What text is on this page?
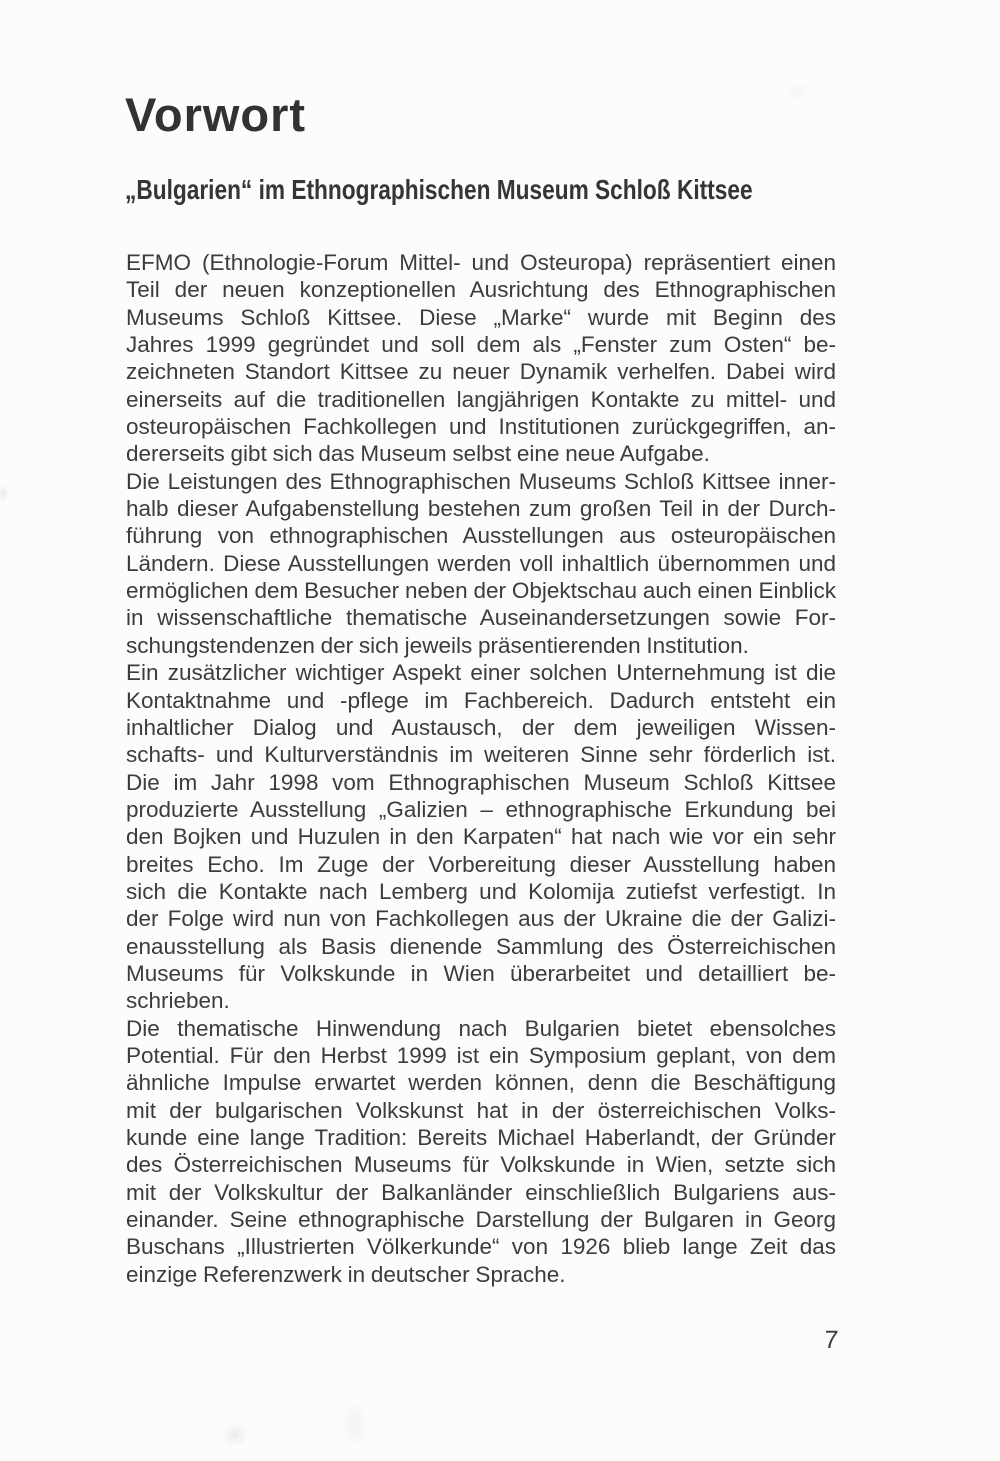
Vorwort
„Bulgarien“ im Ethnographischen Museum Schloß Kittsee
EFMO (Ethnologie-Forum Mittel- und Osteuropa) repräsentiert einen
Teil der neuen konzeptionellen Ausrichtung des Ethnographischen
Museums Schloß Kittsee. Diese „Marke“ wurde mit Beginn des
Jahres 1999 gegründet und soll dem als „Fenster zum Osten“ be-
zeichneten Standort Kittsee zu neuer Dynamik verhelfen. Dabei wird
einerseits auf die traditionellen langjährigen Kontakte zu mittel- und
osteuropäischen Fachkollegen und Institutionen zurückgegriffen, an-
dererseits gibt sich das Museum selbst eine neue Aufgabe.
Die Leistungen des Ethnographischen Museums Schloß Kittsee inner-
halb dieser Aufgabenstellung bestehen zum großen Teil in der Durch-
führung von ethnographischen Ausstellungen aus osteuropäischen
Ländern. Diese Ausstellungen werden voll inhaltlich übernommen und
ermöglichen dem Besucher neben der Objektschau auch einen Einblick
in wissenschaftliche thematische Auseinandersetzungen sowie For-
schungstendenzen der sich jeweils präsentierenden Institution.
Ein zusätzlicher wichtiger Aspekt einer solchen Unternehmung ist die
Kontaktnahme und -pflege im Fachbereich. Dadurch entsteht ein
inhaltlicher Dialog und Austausch, der dem jeweiligen Wissen-
schafts- und Kulturverständnis im weiteren Sinne sehr förderlich ist.
Die im Jahr 1998 vom Ethnographischen Museum Schloß Kittsee
produzierte Ausstellung „Galizien – ethnographische Erkundung bei
den Bojken und Huzulen in den Karpaten“ hat nach wie vor ein sehr
breites Echo. Im Zuge der Vorbereitung dieser Ausstellung haben
sich die Kontakte nach Lemberg und Kolomija zutiefst verfestigt. In
der Folge wird nun von Fachkollegen aus der Ukraine die der Galizi-
enausstellung als Basis dienende Sammlung des Österreichischen
Museums für Volkskunde in Wien überarbeitet und detailliert be-
schrieben.
Die thematische Hinwendung nach Bulgarien bietet ebensolches
Potential. Für den Herbst 1999 ist ein Symposium geplant, von dem
ähnliche Impulse erwartet werden können, denn die Beschäftigung
mit der bulgarischen Volkskunst hat in der österreichischen Volks-
kunde eine lange Tradition: Bereits Michael Haberlandt, der Gründer
des Österreichischen Museums für Volkskunde in Wien, setzte sich
mit der Volkskultur der Balkanländer einschließlich Bulgariens aus-
einander. Seine ethnographische Darstellung der Bulgaren in Georg
Buschans „Illustrierten Völkerkunde“ von 1926 blieb lange Zeit das
einzige Referenzwerk in deutscher Sprache.
7
